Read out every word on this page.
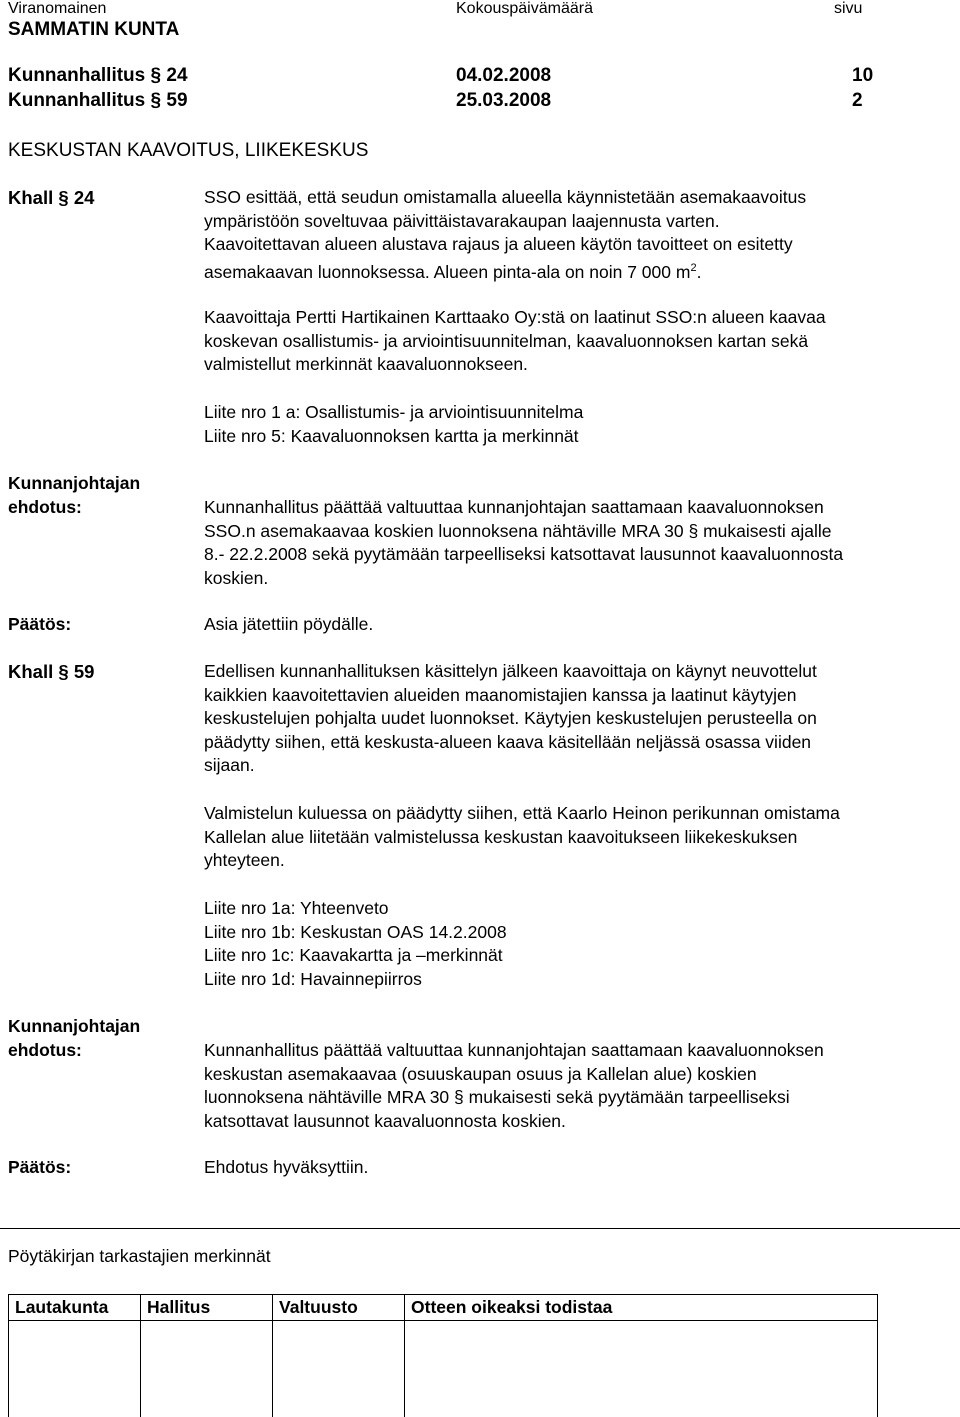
Viranomainen	Kokouspäivämäärä	sivu
SAMMATIN KUNTA
Kunnanhallitus § 24	04.02.2008	10
Kunnanhallitus § 59	25.03.2008	2
KESKUSTAN KAAVOITUS, LIIKEKESKUS
Khall § 24	SSO esittää, että seudun omistamalla alueella käynnistetään asemakaavoitus
ympäristöön soveltuvaa päivittäistavarakaupan laajennusta varten.
Kaavoitettavan alueen alustava rajaus ja alueen käytön tavoitteet on esitetty
asemakaavan luonnoksessa. Alueen pinta-ala on noin 7 000 $m^2$.
Kaavoittaja Pertti Hartikainen Karttaako Oy:stä on laatinut SSO:n alueen kaavaa
koskevan osallistumis- ja arviointisuunnitelman, kaavaluonnoksen kartan sekä
valmistellut merkinnät kaavaluonnokseen.
Liite nro 1 a: Osallistumis- ja arviointisuunnitelma
Liite nro 5: Kaavaluonnoksen kartta ja merkinnät
Kunnanjohtajan
ehdotus:	Kunnanhallitus päättää valtuuttaa kunnanjohtajan saattamaan kaavaluonnoksen
SSO.n asemakaavaa koskien luonnoksena nähtäville MRA 30 § mukaisesti ajalle
8.- 22.2.2008 sekä pyytämään tarpeelliseksi katsottavat lausunnot kaavaluonnosta
koskien.
Päätös:	Asia jätettiin pöydälle.
Khall § 59	Edellisen kunnanhallituksen käsittelyn jälkeen kaavoittaja on käynyt neuvottelut
kaikkien kaavoitettavien alueiden maanomistajien kanssa ja laatinut käytyjen
keskustelujen pohjalta uudet luonnokset. Käytyjen keskustelujen perusteella on
päädytty siihen, että keskusta-alueen kaava käsitellään neljässä osassa viiden
sijaan.
Valmistelun kuluessa on päädytty siihen, että Kaarlo Heinon perikunnan omistama
Kallelan alue liitetään valmistelussa keskustan kaavoitukseen liikekeskuksen
yhteyteen.
Liite nro 1a: Yhteenveto
Liite nro 1b: Keskustan OAS 14.2.2008
Liite nro 1c: Kaavakartta ja –merkinnät
Liite nro 1d: Havainnepiirros
Kunnanjohtajan
ehdotus:	Kunnanhallitus päättää valtuuttaa kunnanjohtajan saattamaan kaavaluonnoksen
keskustan asemakaavaa (osuuskaupan osuus ja Kallelan alue) koskien
luonnoksena nähtäville MRA 30 § mukaisesti sekä pyytämään tarpeelliseksi
katsottavat lausunnot kaavaluonnosta koskien.
Päätös:	Ehdotus hyväksyttiin.
Pöytäkirjan tarkastajien merkinnät
Lautakunta	Hallitus	Valtuusto	Otteen oikeaksi todistaa
